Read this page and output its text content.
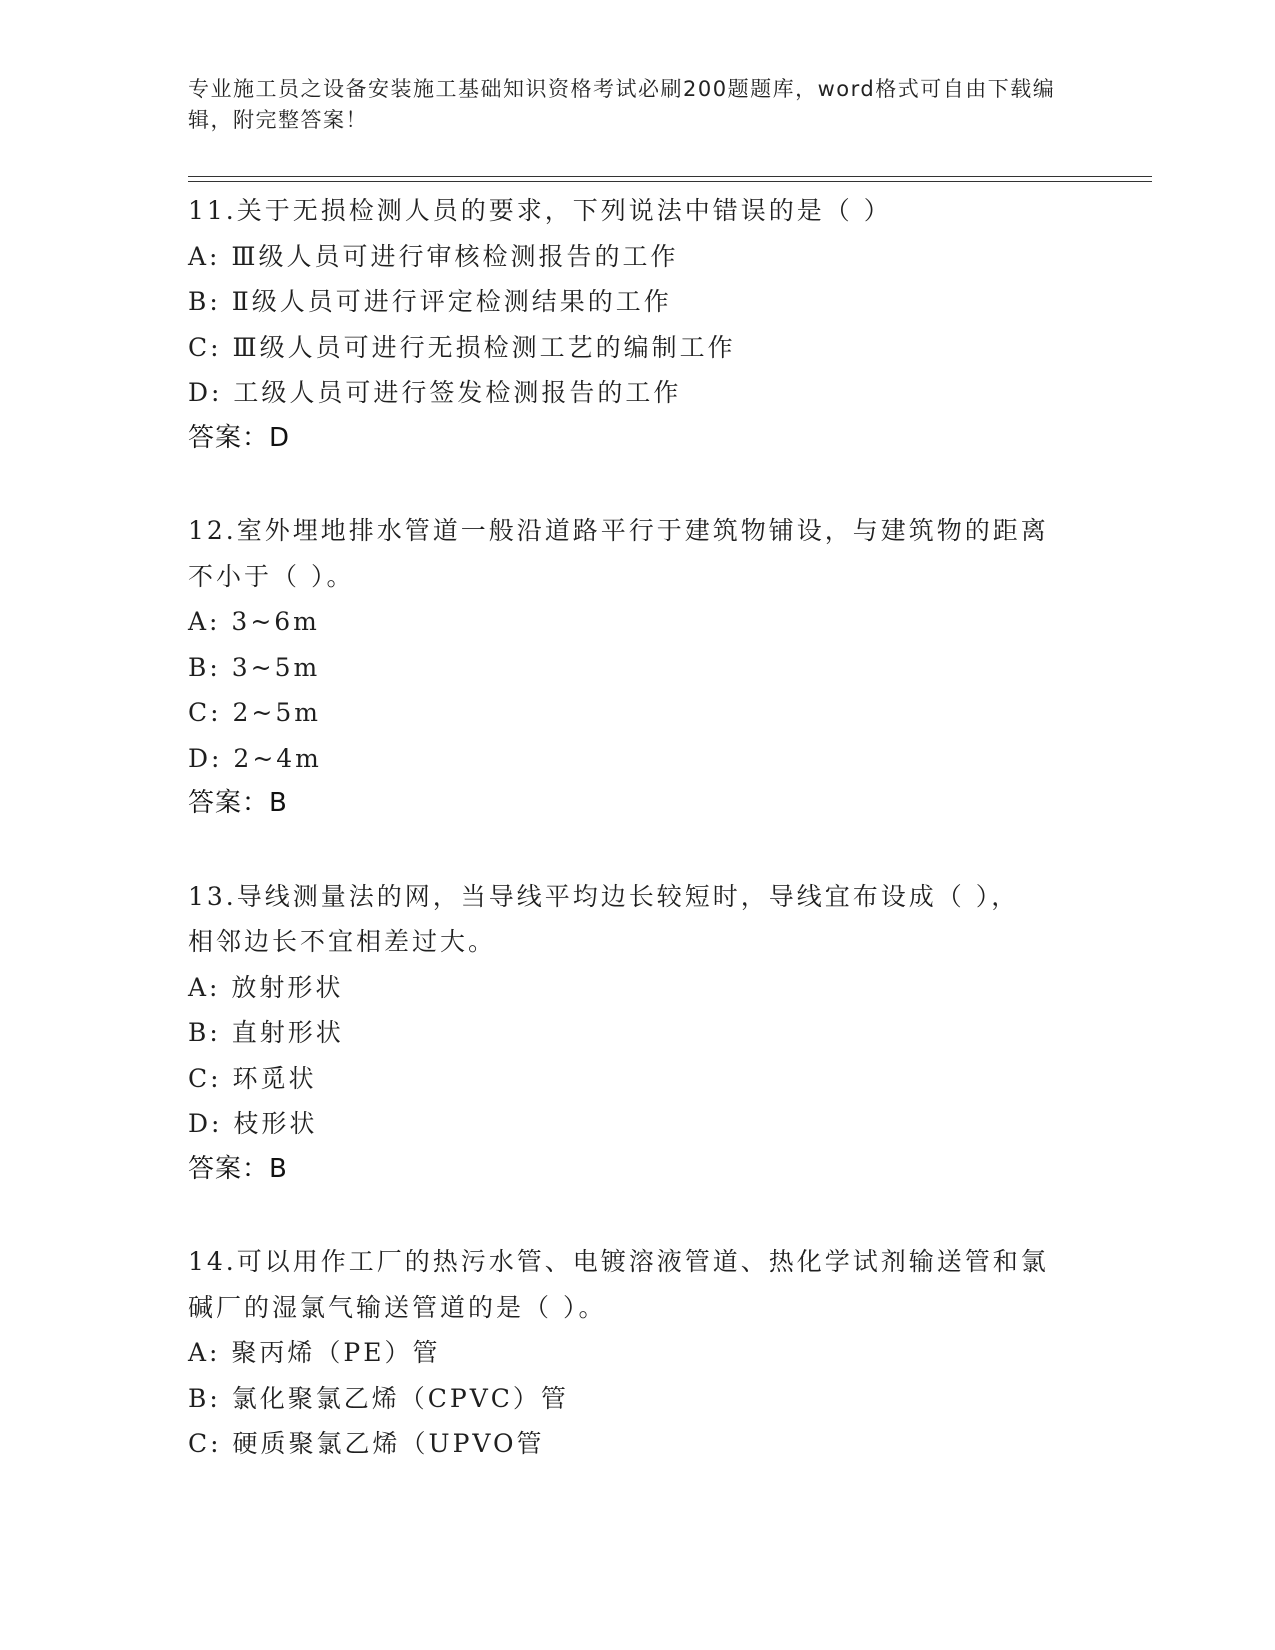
专业施工员之设备安装施工基础知识资格考试必刷200题题库，word格式可自由下载编辑，附完整答案！
11.关于无损检测人员的要求，下列说法中错误的是（ ）
A: Ⅲ级人员可进行审核检测报告的工作
B: Ⅱ级人员可进行评定检测结果的工作
C: Ⅲ级人员可进行无损检测工艺的编制工作
D: 工级人员可进行签发检测报告的工作
答案：D
12.室外埋地排水管道一般沿道路平行于建筑物铺设，与建筑物的距离
不小于（ ）。
A: 3~6m
B: 3~5m
C: 2~5m
D: 2~4m
答案：B
13.导线测量法的网，当导线平均边长较短时，导线宜布设成（ ），
相邻边长不宜相差过大。
A: 放射形状
B: 直射形状
C: 环觅状
D: 枝形状
答案：B
14.可以用作工厂的热污水管、电镀溶液管道、热化学试剂输送管和氯
碱厂的湿氯气输送管道的是（ ）。
A: 聚丙烯（PE）管
B: 氯化聚氯乙烯（CPVC）管
C: 硬质聚氯乙烯（UPVO管
